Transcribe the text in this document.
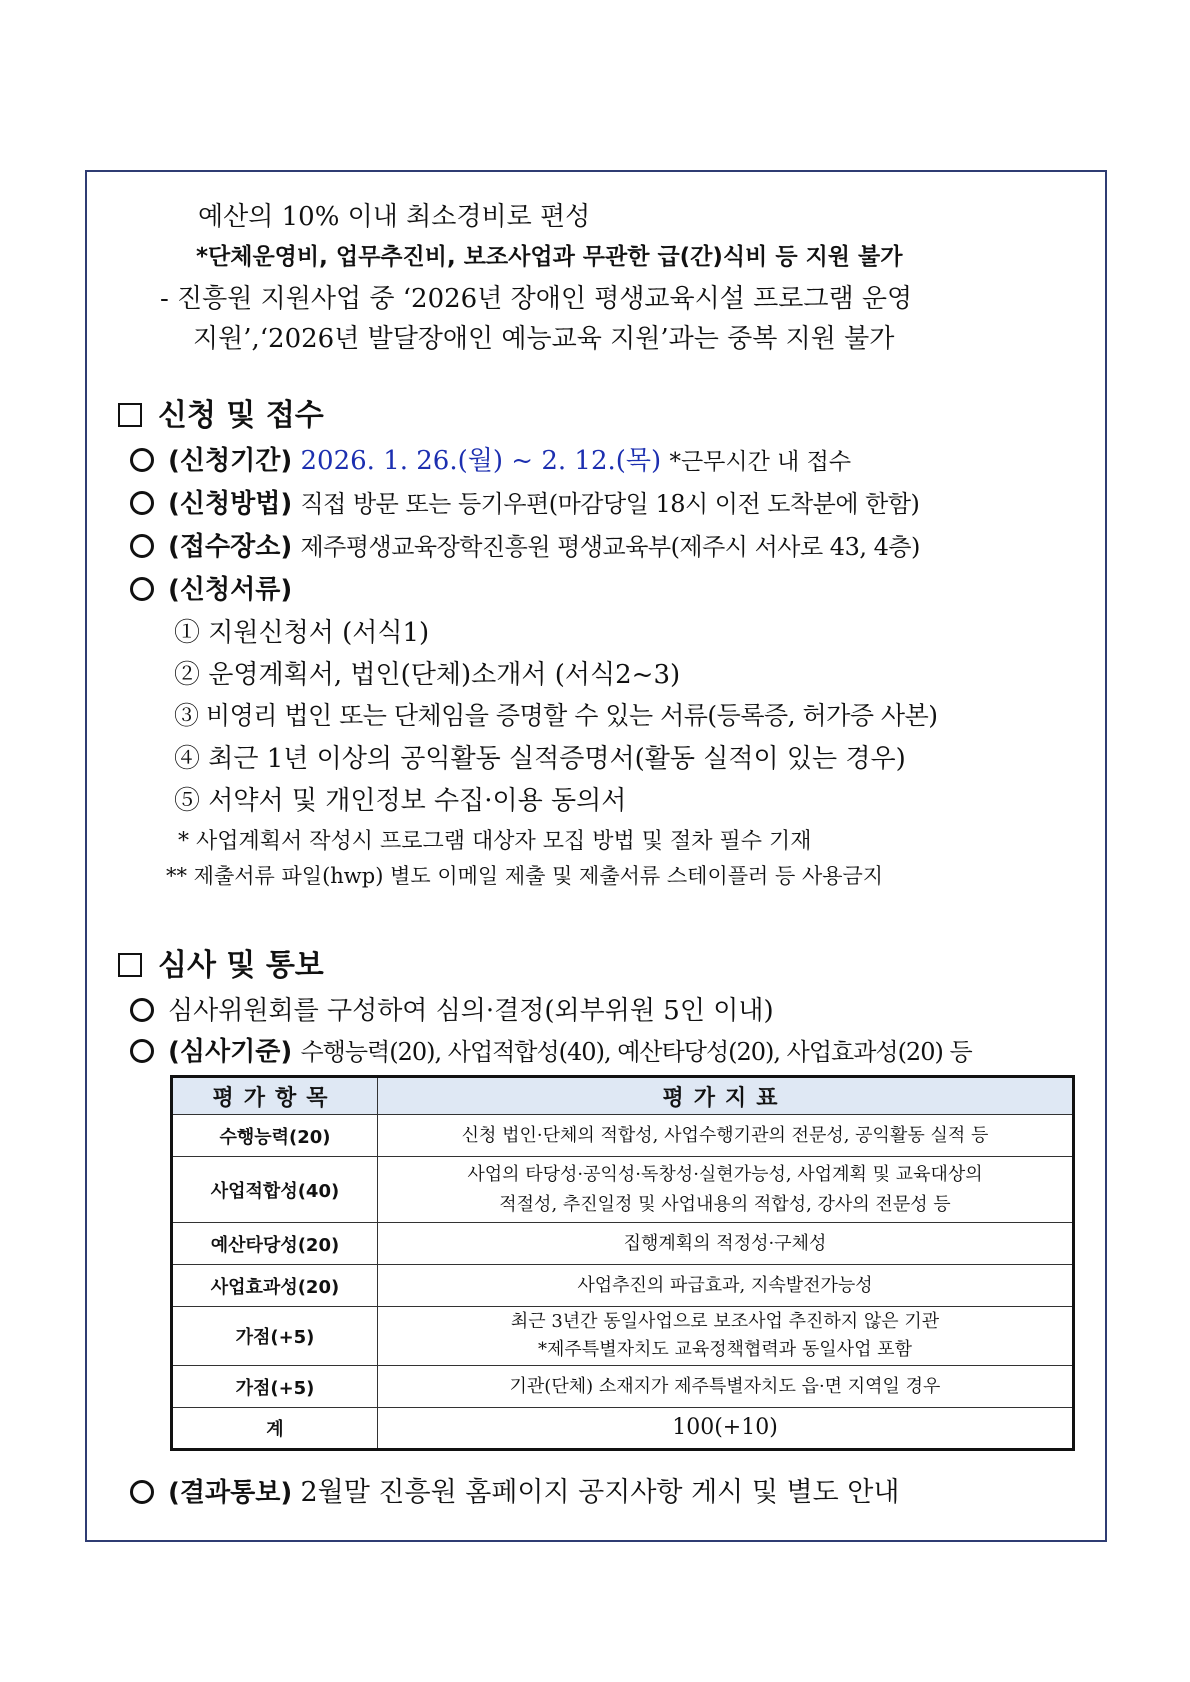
예산의 10% 이내 최소경비로 편성
*단체운영비, 업무추진비, 보조사업과 무관한 급(간)식비 등 지원 불가
- 진흥원 지원사업 중 ‘2026년 장애인 평생교육시설 프로그램 운영
지원’,‘2026년 발달장애인 예능교육 지원’과는 중복 지원 불가
신청 및 접수
(신청기간) 2026. 1. 26.(월) ~ 2. 12.(목) *근무시간 내 접수
(신청방법) 직접 방문 또는 등기우편(마감당일 18시 이전 도착분에 한함)
(접수장소) 제주평생교육장학진흥원 평생교육부(제주시 서사로 43, 4층)
(신청서류)
① 지원신청서 (서식1)
② 운영계획서, 법인(단체)소개서 (서식2~3)
③ 비영리 법인 또는 단체임을 증명할 수 있는 서류(등록증, 허가증 사본)
④ 최근 1년 이상의 공익활동 실적증명서(활동 실적이 있는 경우)
⑤ 서약서 및 개인정보 수집·이용 동의서
* 사업계획서 작성시 프로그램 대상자 모집 방법 및 절차 필수 기재
** 제출서류 파일(hwp) 별도 이메일 제출 및 제출서류 스테이플러 등 사용금지
심사 및 통보
심사위원회를 구성하여 심의·결정(외부위원 5인 이내)
(심사기준) 수행능력(20), 사업적합성(40), 예산타당성(20), 사업효과성(20) 등
평가항목	평가지표
수행능력(20)	신청 법인·단체의 적합성, 사업수행기관의 전문성, 공익활동 실적 등
사업적합성(40)	사업의 타당성·공익성·독창성·실현가능성, 사업계획 및 교육대상의
적절성, 추진일정 및 사업내용의 적합성, 강사의 전문성 등

예산타당성(20)	집행계획의 적정성·구체성
사업효과성(20)	사업추진의 파급효과, 지속발전가능성
가점(+5)	최근 3년간 동일사업으로 보조사업 추진하지 않은 기관
*제주특별자치도 교육정책협력과 동일사업 포함

가점(+5)	기관(단체) 소재지가 제주특별자치도 읍·면 지역일 경우
계	100(+10)
(결과통보) 2월말 진흥원 홈페이지 공지사항 게시 및 별도 안내
